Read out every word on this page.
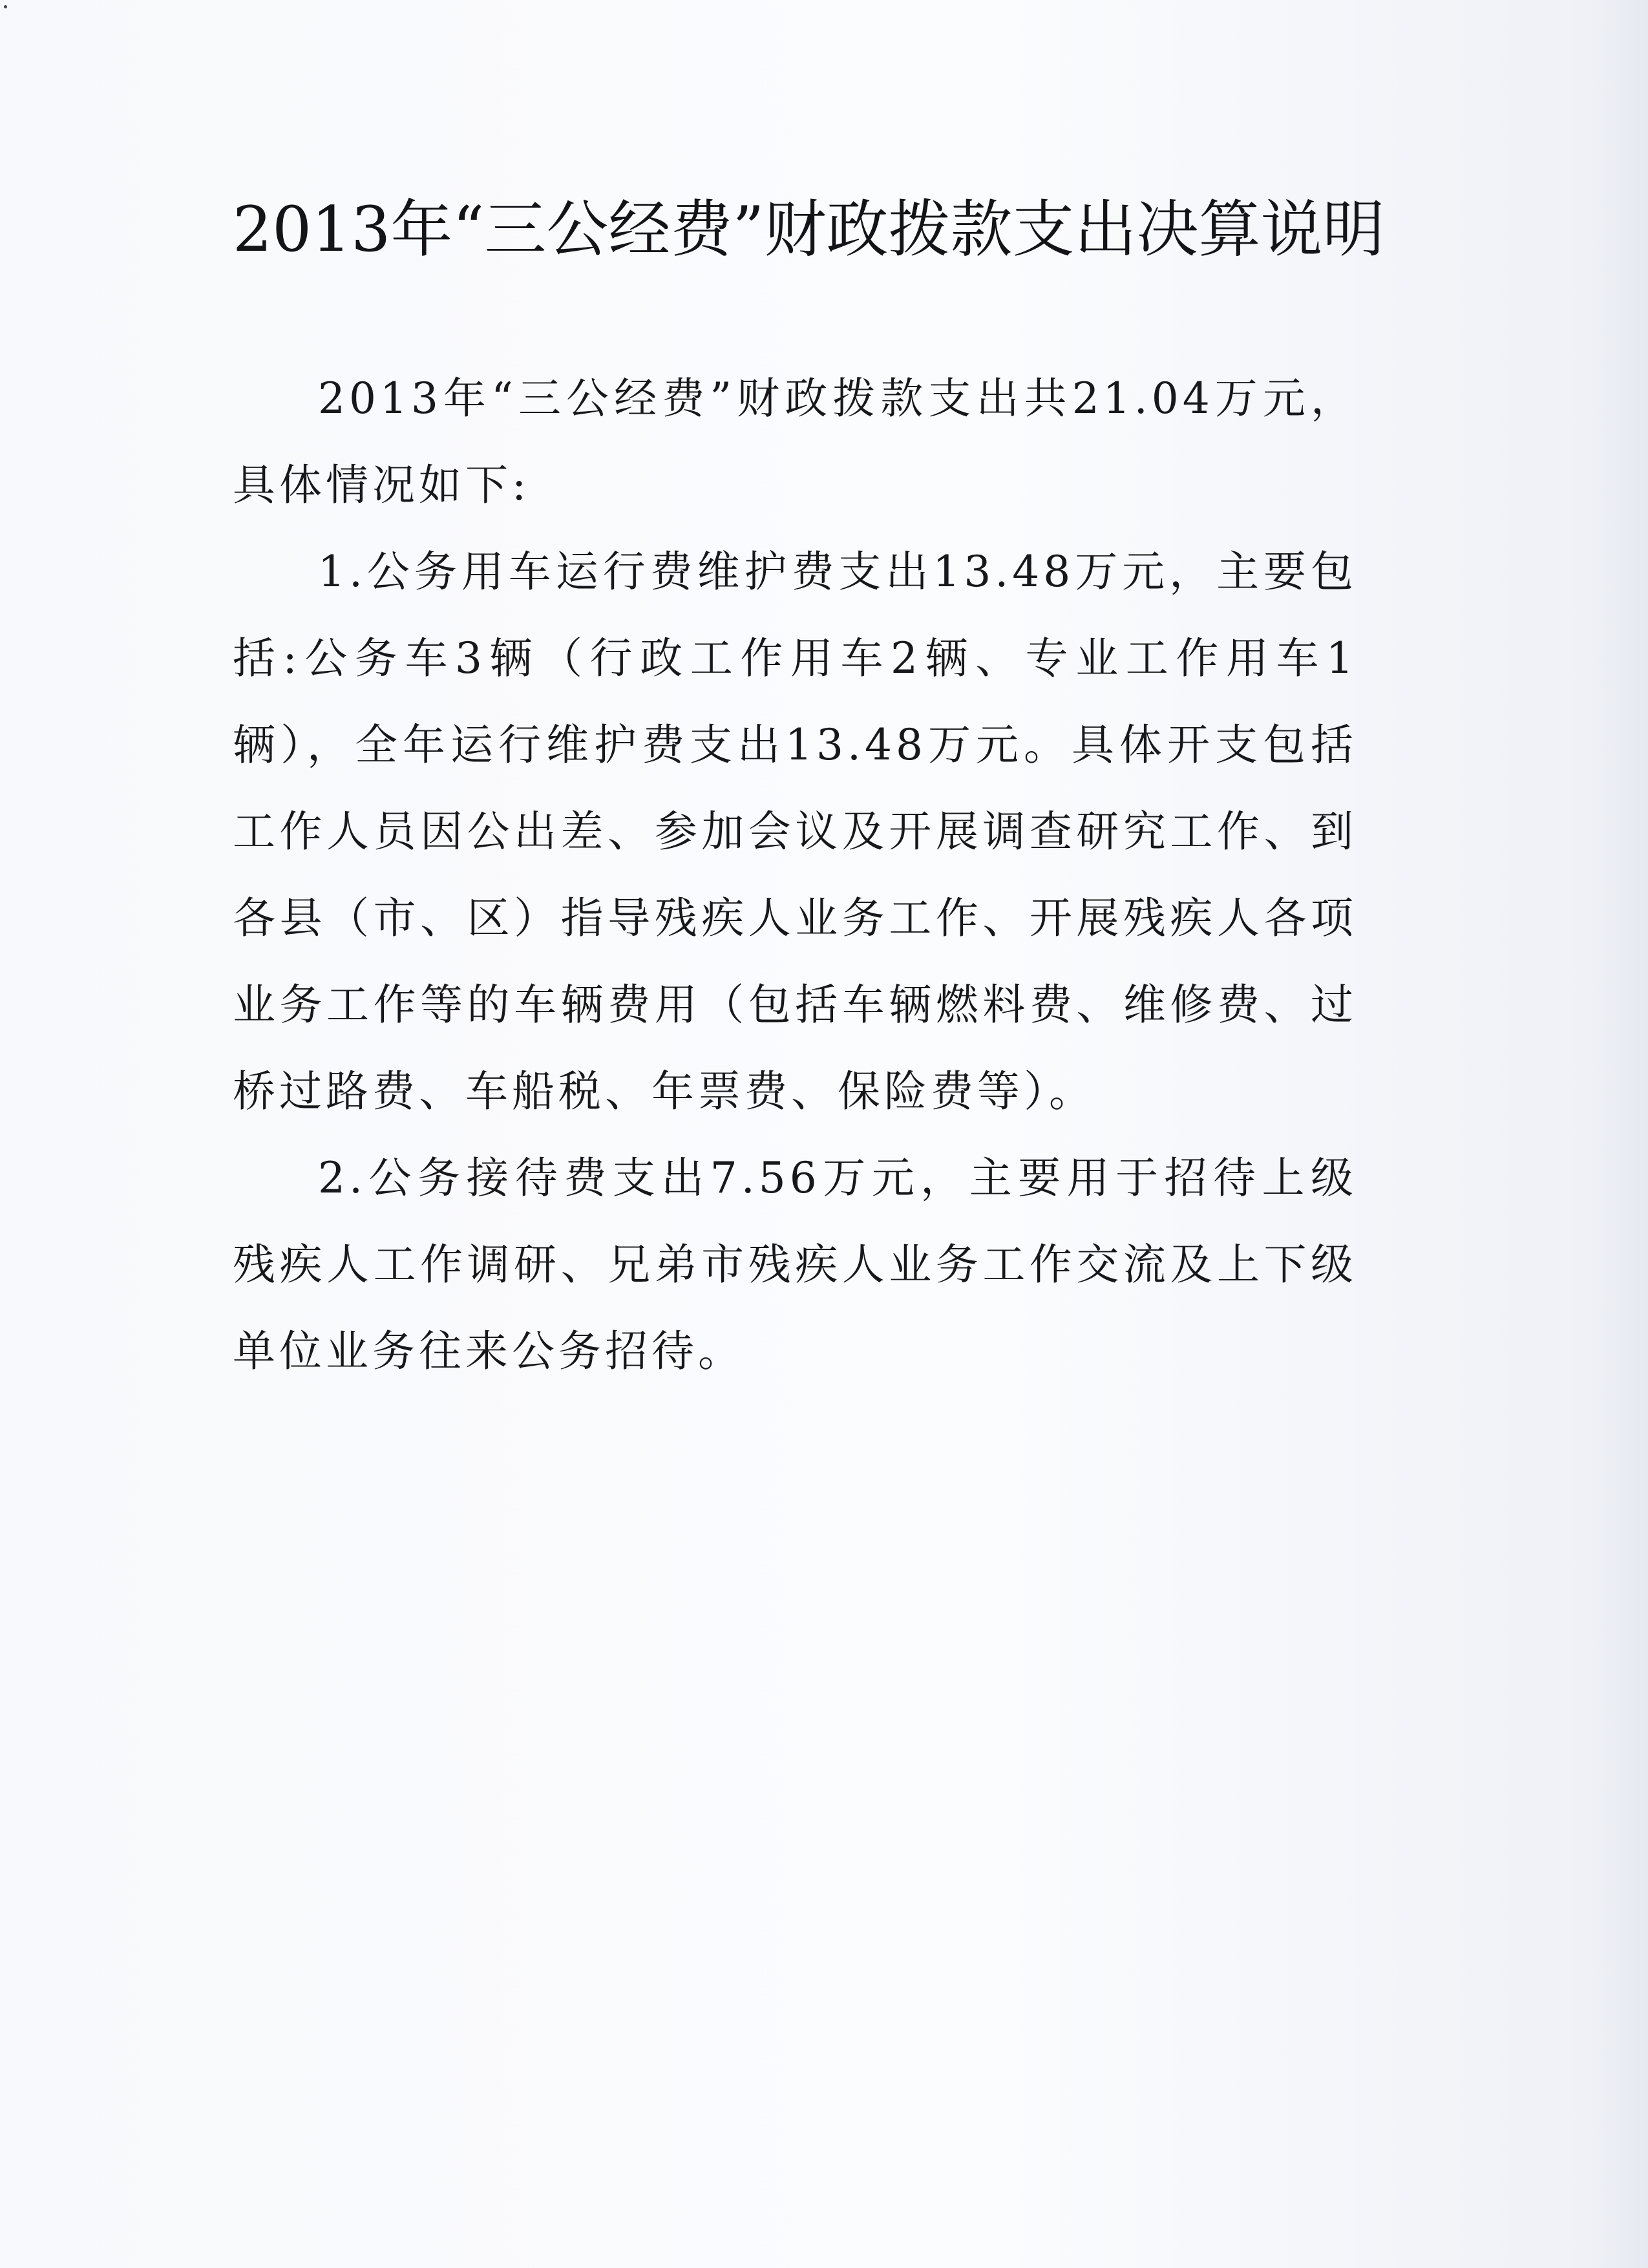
2013年“三公经费”财政拨款支出决算说明

2013年“三公经费”财政拨款支出共21.04万元，具体情况如下:

1.公务用车运行费维护费支出13.48万元，主要包括:公务车3辆（行政工作用车2辆、专业工作用车1辆），全年运行维护费支出13.48万元。具体开支包括工作人员因公出差、参加会议及开展调查研究工作、到各县（市、区）指导残疾人业务工作、开展残疾人各项业务工作等的车辆费用（包括车辆燃料费、维修费、过桥过路费、车船税、年票费、保险费等）。

2.公务接待费支出7.56万元，主要用于招待上级残疾人工作调研、兄弟市残疾人业务工作交流及上下级单位业务往来公务招待。
